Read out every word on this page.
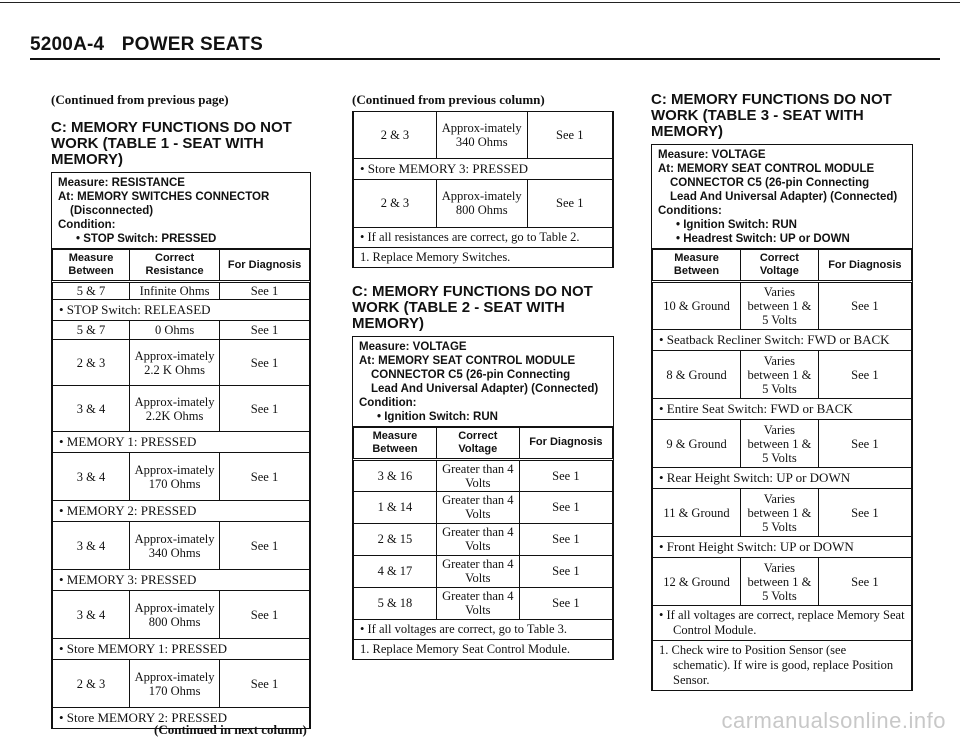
5200A-4 POWER SEATS
(Continued from previous page)
C: MEMORY FUNCTIONS DO NOT WORK (TABLE 1 - SEAT WITH MEMORY)
Measure: RESISTANCE
At: MEMORY SWITCHES CONNECTOR
(Disconnected)
Condition:
• STOP Switch: PRESSED
Measure Between	Correct Resistance	For Diagnosis
5 & 7	Infinite Ohms	See 1
• STOP Switch: RELEASED		
5 & 7	0 Ohms	See 1
2 & 3	Approx-imately 2.2 K Ohms	See 1
3 & 4	Approx-imately 2.2K Ohms	See 1
• MEMORY 1: PRESSED		
3 & 4	Approx-imately 170 Ohms	See 1
• MEMORY 2: PRESSED		
3 & 4	Approx-imately 340 Ohms	See 1
• MEMORY 3: PRESSED		
3 & 4	Approx-imately 800 Ohms	See 1
• Store MEMORY 1: PRESSED		
2 & 3	Approx-imately 170 Ohms	See 1
• Store MEMORY 2: PRESSED		
(Continued in next column)
(Continued from previous column)
2 & 3	Approx-imately 340 Ohms	See 1
• Store MEMORY 3: PRESSED		
2 & 3	Approx-imately 800 Ohms	See 1
• If all resistances are correct, go to Table 2.		
1. Replace Memory Switches.		
C: MEMORY FUNCTIONS DO NOT WORK (TABLE 2 - SEAT WITH MEMORY)
Measure: VOLTAGE
At: MEMORY SEAT CONTROL MODULE
CONNECTOR C5 (26-pin Connecting
Lead And Universal Adapter) (Connected)
Condition:
• Ignition Switch: RUN
Measure Between	Correct Voltage	For Diagnosis
3 & 16	Greater than 4 Volts	See 1
1 & 14	Greater than 4 Volts	See 1
2 & 15	Greater than 4 Volts	See 1
4 & 17	Greater than 4 Volts	See 1
5 & 18	Greater than 4 Volts	See 1
• If all voltages are correct, go to Table 3.		
1. Replace Memory Seat Control Module.		
C: MEMORY FUNCTIONS DO NOT WORK (TABLE 3 - SEAT WITH MEMORY)
Measure: VOLTAGE
At: MEMORY SEAT CONTROL MODULE
CONNECTOR C5 (26-pin Connecting
Lead And Universal Adapter) (Connected)
Conditions:
• Ignition Switch: RUN
• Headrest Switch: UP or DOWN
Measure Between	Correct Voltage	For Diagnosis
10 & Ground	Varies between 1 & 5 Volts	See 1
• Seatback Recliner Switch: FWD or BACK		
8 & Ground	Varies between 1 & 5 Volts	See 1
• Entire Seat Switch: FWD or BACK		
9 & Ground	Varies between 1 & 5 Volts	See 1
• Rear Height Switch: UP or DOWN		
11 & Ground	Varies between 1 & 5 Volts	See 1
• Front Height Switch: UP or DOWN		
12 & Ground	Varies between 1 & 5 Volts	See 1
• If all voltages are correct, replace Memory Seat Control Module.		
1. Check wire to Position Sensor (see schematic). If wire is good, replace Position Sensor.		
carmanualsonline.info
